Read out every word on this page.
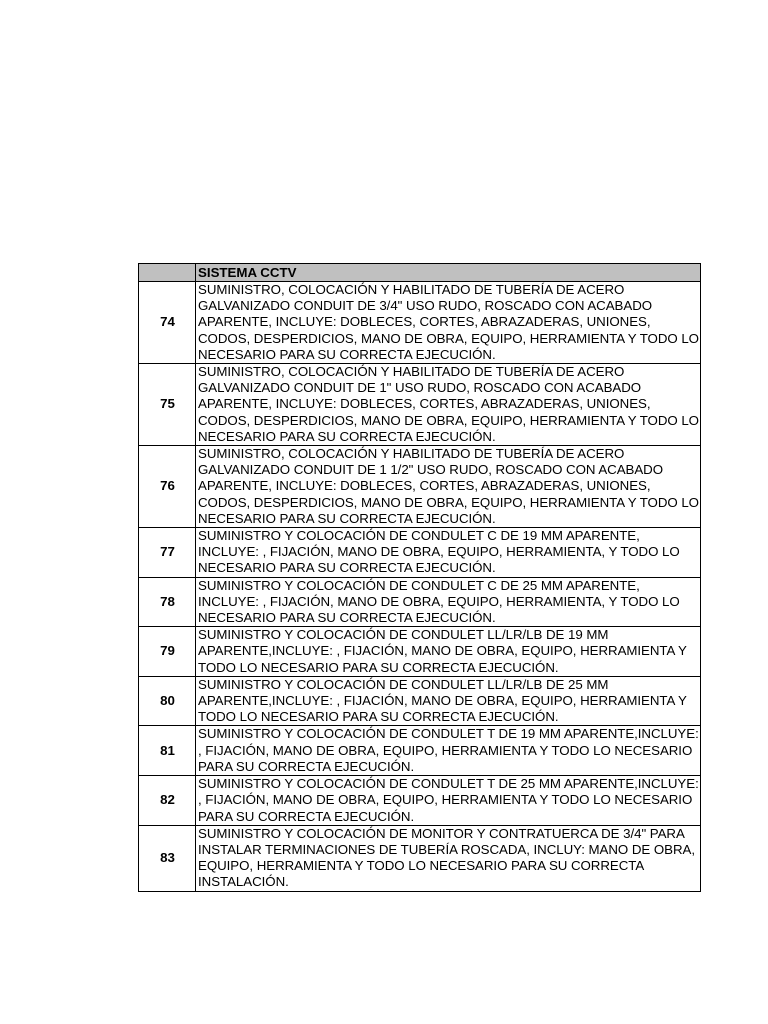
	SISTEMA CCTV
74	SUMINISTRO, COLOCACIÓN Y HABILITADO DE TUBERÍA DE ACERO GALVANIZADO CONDUIT DE 3/4" USO RUDO, ROSCADO CON ACABADO APARENTE, INCLUYE: DOBLECES, CORTES, ABRAZADERAS, UNIONES, CODOS, DESPERDICIOS, MANO DE OBRA, EQUIPO, HERRAMIENTA Y TODO LO NECESARIO PARA SU CORRECTA EJECUCIÓN.
75	SUMINISTRO, COLOCACIÓN Y HABILITADO DE TUBERÍA DE ACERO GALVANIZADO CONDUIT DE 1" USO RUDO, ROSCADO CON ACABADO APARENTE, INCLUYE: DOBLECES, CORTES, ABRAZADERAS, UNIONES, CODOS, DESPERDICIOS, MANO DE OBRA, EQUIPO, HERRAMIENTA Y TODO LO NECESARIO PARA SU CORRECTA EJECUCIÓN.
76	SUMINISTRO, COLOCACIÓN Y HABILITADO DE TUBERÍA DE ACERO GALVANIZADO CONDUIT DE 1 1/2" USO RUDO, ROSCADO CON ACABADO APARENTE, INCLUYE: DOBLECES, CORTES, ABRAZADERAS, UNIONES, CODOS, DESPERDICIOS, MANO DE OBRA, EQUIPO, HERRAMIENTA Y TODO LO NECESARIO PARA SU CORRECTA EJECUCIÓN.
77	SUMINISTRO Y COLOCACIÓN DE CONDULET C DE 19 MM APARENTE, INCLUYE: , FIJACIÓN, MANO DE OBRA, EQUIPO, HERRAMIENTA, Y TODO LO NECESARIO PARA SU CORRECTA EJECUCIÓN.
78	SUMINISTRO Y COLOCACIÓN DE CONDULET C DE 25 MM APARENTE, INCLUYE: , FIJACIÓN, MANO DE OBRA, EQUIPO, HERRAMIENTA, Y TODO LO NECESARIO PARA SU CORRECTA EJECUCIÓN.
79	SUMINISTRO Y COLOCACIÓN DE CONDULET LL/LR/LB DE 19 MM APARENTE,INCLUYE: , FIJACIÓN, MANO DE OBRA, EQUIPO, HERRAMIENTA Y TODO LO NECESARIO PARA SU CORRECTA EJECUCIÓN.
80	SUMINISTRO Y COLOCACIÓN DE CONDULET LL/LR/LB DE 25 MM APARENTE,INCLUYE: , FIJACIÓN, MANO DE OBRA, EQUIPO, HERRAMIENTA Y TODO LO NECESARIO PARA SU CORRECTA EJECUCIÓN.
81	SUMINISTRO Y COLOCACIÓN DE CONDULET T DE 19 MM APARENTE,INCLUYE: , FIJACIÓN, MANO DE OBRA, EQUIPO, HERRAMIENTA Y TODO LO NECESARIO PARA SU CORRECTA EJECUCIÓN.
82	SUMINISTRO Y COLOCACIÓN DE CONDULET T DE 25 MM APARENTE,INCLUYE: , FIJACIÓN, MANO DE OBRA, EQUIPO, HERRAMIENTA Y TODO LO NECESARIO PARA SU CORRECTA EJECUCIÓN.
83	SUMINISTRO Y COLOCACIÓN DE MONITOR Y CONTRATUERCA DE 3/4" PARA INSTALAR TERMINACIONES DE TUBERÍA ROSCADA, INCLUY: MANO DE OBRA, EQUIPO, HERRAMIENTA Y TODO LO NECESARIO PARA SU CORRECTA INSTALACIÓN.
